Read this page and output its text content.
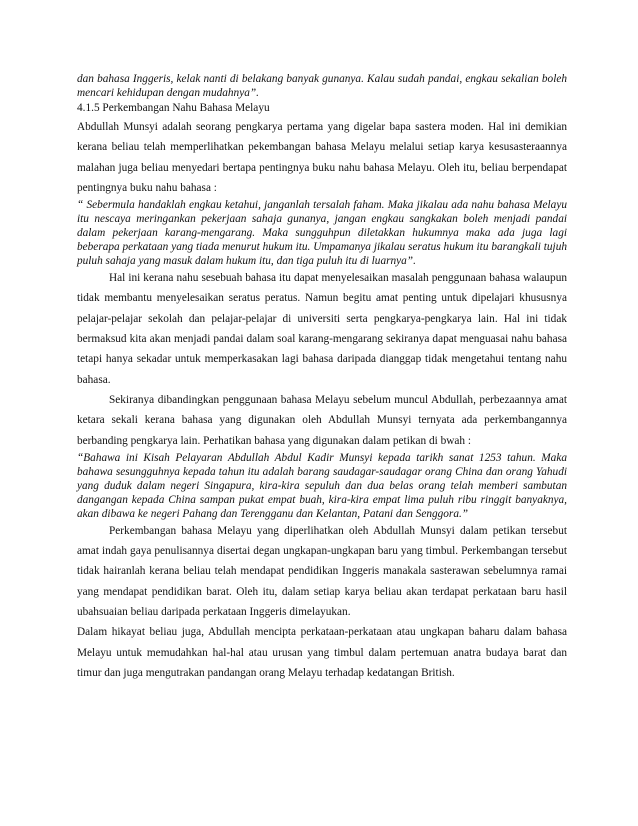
dan bahasa Inggeris, kelak nanti di belakang banyak gunanya. Kalau sudah pandai, engkau sekalian boleh mencari kehidupan dengan mudahnya”.

4.1.5 Perkembangan Nahu Bahasa Melayu

Abdullah Munsyi adalah seorang pengkarya pertama yang digelar bapa sastera moden. Hal ini demikian kerana beliau telah memperlihatkan pekembangan bahasa Melayu melalui setiap karya kesusasteraannya malahan juga beliau menyedari bertapa pentingnya buku nahu bahasa Melayu. Oleh itu, beliau berpendapat pentingnya buku nahu bahasa :

“ Sebermula handaklah engkau ketahui, janganlah tersalah faham. Maka jikalau ada nahu bahasa Melayu itu nescaya meringankan pekerjaan sahaja gunanya, jangan engkau sangkakan boleh menjadi pandai dalam pekerjaan karang-mengarang. Maka sungguhpun diletakkan hukumnya maka ada juga lagi beberapa perkataan yang tiada menurut hukum itu. Umpamanya jikalau seratus hukum itu barangkali tujuh puluh sahaja yang masuk dalam hukum itu, dan tiga puluh itu di luarnya”.

Hal ini kerana nahu sesebuah bahasa itu dapat menyelesaikan masalah penggunaan bahasa walaupun tidak membantu menyelesaikan seratus peratus. Namun begitu amat penting untuk dipelajari khususnya pelajar-pelajar sekolah dan pelajar-pelajar di universiti serta pengkarya-pengkarya lain. Hal ini tidak bermaksud kita akan menjadi pandai dalam soal karang-mengarang sekiranya dapat menguasai nahu bahasa tetapi hanya sekadar untuk memperkasakan lagi bahasa daripada dianggap tidak mengetahui tentang nahu bahasa.

Sekiranya dibandingkan penggunaan bahasa Melayu sebelum muncul Abdullah, perbezaannya amat ketara sekali kerana bahasa yang digunakan oleh Abdullah Munsyi ternyata ada perkembangannya berbanding pengkarya lain. Perhatikan bahasa yang digunakan dalam petikan di bwah :

“Bahawa ini Kisah Pelayaran Abdullah Abdul Kadir Munsyi kepada tarikh sanat 1253 tahun. Maka bahawa sesungguhnya kepada tahun itu adalah barang saudagar-saudagar orang China dan orang Yahudi yang duduk dalam negeri Singapura, kira-kira sepuluh dan dua belas orang telah memberi sambutan dangangan kepada China sampan pukat empat buah, kira-kira empat lima puluh ribu ringgit banyaknya, akan dibawa ke negeri Pahang dan Terengganu dan Kelantan, Patani dan Senggora.”

Perkembangan bahasa Melayu yang diperlihatkan oleh Abdullah Munsyi dalam petikan tersebut amat indah gaya penulisannya disertai degan ungkapan-ungkapan baru yang timbul. Perkembangan tersebut tidak hairanlah kerana beliau telah mendapat pendidikan Inggeris manakala sasterawan sebelumnya ramai yang mendapat pendidikan barat. Oleh itu, dalam setiap karya beliau akan terdapat perkataan baru hasil ubahsuaian beliau daripada perkataan Inggeris dimelayukan.

Dalam hikayat beliau juga, Abdullah mencipta perkataan-perkataan atau ungkapan baharu dalam bahasa Melayu untuk memudahkan hal-hal atau urusan yang timbul dalam pertemuan anatra budaya barat dan timur dan juga mengutrakan pandangan orang Melayu terhadap kedatangan British.
